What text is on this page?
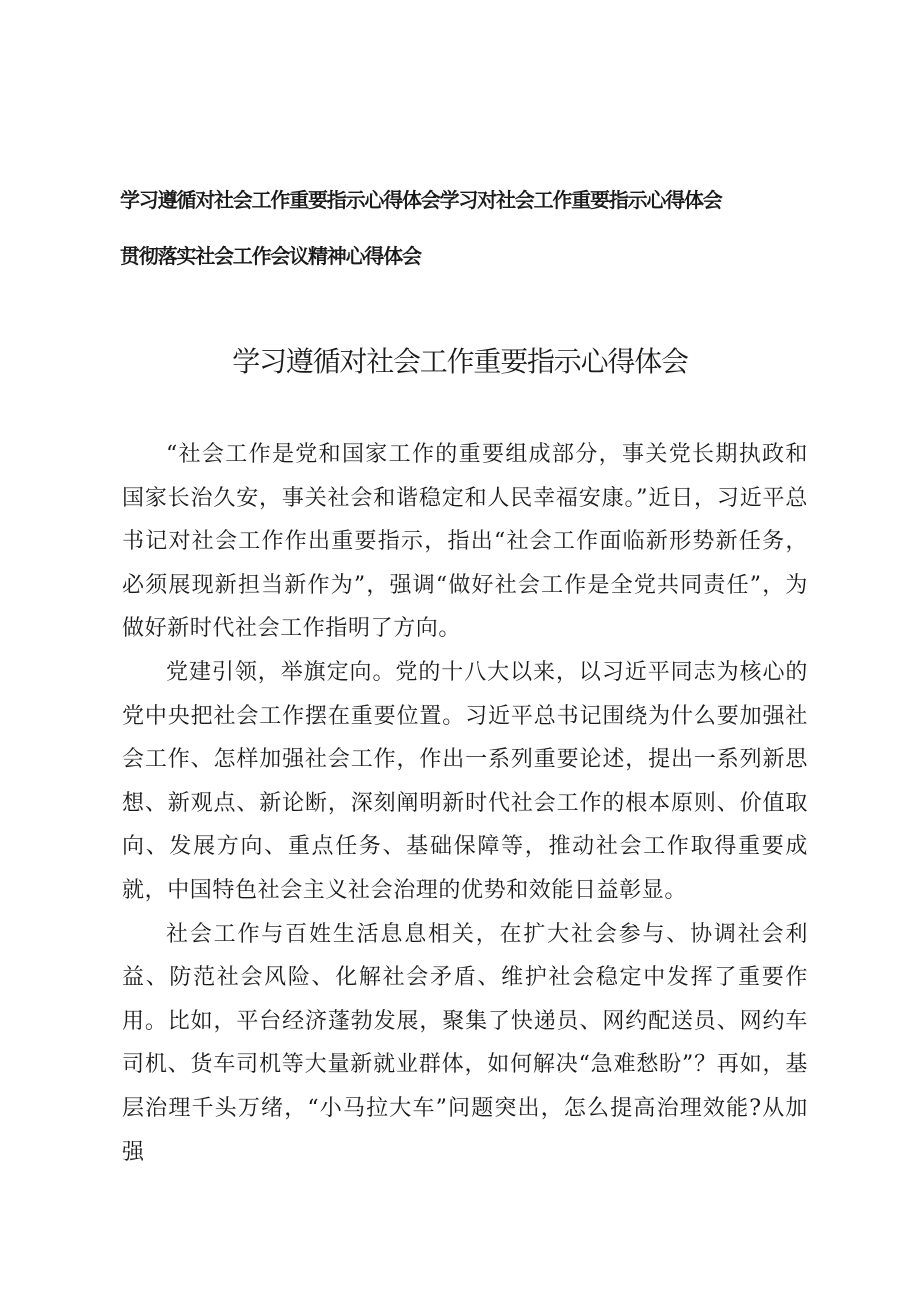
学习遵循对社会工作重要指示心得体会学习对社会工作重要指示心得体会
贯彻落实社会工作会议精神心得体会
学习遵循对社会工作重要指示心得体会

“社会工作是党和国家工作的重要组成部分，事关党长期执政和国家长治久安，事关社会和谐稳定和人民幸福安康。”近日，习近平总书记对社会工作作出重要指示，指出“社会工作面临新形势新任务，必须展现新担当新作为”，强调“做好社会工作是全党共同责任”，为做好新时代社会工作指明了方向。

党建引领，举旗定向。党的十八大以来，以习近平同志为核心的党中央把社会工作摆在重要位置。习近平总书记围绕为什么要加强社会工作、怎样加强社会工作，作出一系列重要论述，提出一系列新思想、新观点、新论断，深刻阐明新时代社会工作的根本原则、价值取向、发展方向、重点任务、基础保障等，推动社会工作取得重要成就，中国特色社会主义社会治理的优势和效能日益彰显。

社会工作与百姓生活息息相关，在扩大社会参与、协调社会利益、防范社会风险、化解社会矛盾、维护社会稳定中发挥了重要作用。比如，平台经济蓬勃发展，聚集了快递员、网约配送员、网约车司机、货车司机等大量新就业群体，如何解决“急难愁盼”？再如，基层治理千头万绪，“小马拉大车”问题突出，怎么提高治理效能?从加强
